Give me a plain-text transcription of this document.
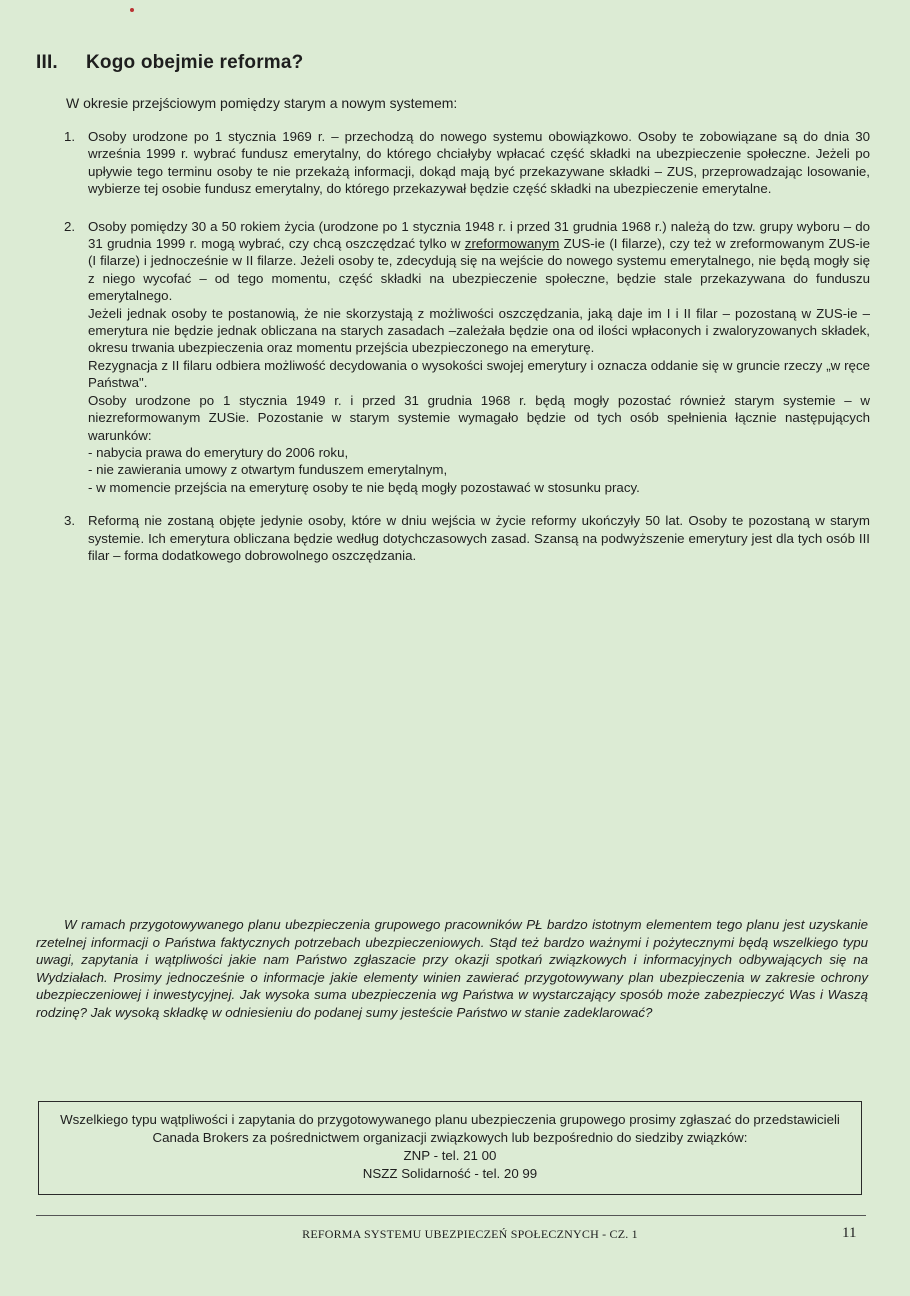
III. Kogo obejmie reforma?
W okresie przejściowym pomiędzy starym a nowym systemem:
1. Osoby urodzone po 1 stycznia 1969 r. – przechodzą do nowego systemu obowiązkowo. Osoby te zobowiązane są do dnia 30 września 1999 r. wybrać fundusz emerytalny, do którego chciałyby wpłacać część składki na ubezpieczenie społeczne. Jeżeli po upływie tego terminu osoby te nie przekażą informacji, dokąd mają być przekazywane składki – ZUS, przeprowadzając losowanie, wybierze tej osobie fundusz emerytalny, do którego przekazywał będzie część składki na ubezpieczenie emerytalne.

2. Osoby pomiędzy 30 a 50 rokiem życia (urodzone po 1 stycznia 1948 r. i przed 31 grudnia 1968 r.) należą do tzw. grupy wyboru – do 31 grudnia 1999 r. mogą wybrać, czy chcą oszczędzać tylko w zreformowanym ZUS-ie (I filarze), czy też w zreformowanym ZUS-ie (I filarze) i jednocześnie w II filarze. Jeżeli osoby te, zdecydują się na wejście do nowego systemu emerytalnego, nie będą mogły się z niego wycofać – od tego momentu, część składki na ubezpieczenie społeczne, będzie stale przekazywana do funduszu emerytalnego.

Jeżeli jednak osoby te postanowią, że nie skorzystają z możliwości oszczędzania, jaką daje im I i II filar – pozostaną w ZUS-ie – emerytura nie będzie jednak obliczana na starych zasadach –zależała będzie ona od ilości wpłaconych i zwaloryzowanych składek, okresu trwania ubezpieczenia oraz momentu przejścia ubezpieczonego na emeryturę.

Rezygnacja z II filaru odbiera możliwość decydowania o wysokości swojej emerytury i oznacza oddanie się w gruncie rzeczy „w ręce Państwa".

Osoby urodzone po 1 stycznia 1949 r. i przed 31 grudnia 1968 r. będą mogły pozostać również starym systemie – w niezreformowanym ZUSie. Pozostanie w starym systemie wymagało będzie od tych osób spełnienia łącznie następujących warunków:

- nabycia prawa do emerytury do 2006 roku,

- nie zawierania umowy z otwartym funduszem emerytalnym,

- w momencie przejścia na emeryturę osoby te nie będą mogły pozostawać w stosunku pracy.

3. Reformą nie zostaną objęte jedynie osoby, które w dniu wejścia w życie reformy ukończyły 50 lat. Osoby te pozostaną w starym systemie. Ich emerytura obliczana będzie według dotychczasowych zasad. Szansą na podwyższenie emerytury jest dla tych osób III filar – forma dodatkowego dobrowolnego oszczędzania.

W ramach przygotowywanego planu ubezpieczenia grupowego pracowników PŁ bardzo istotnym elementem tego planu jest uzyskanie rzetelnej informacji o Państwa faktycznych potrzebach ubezpieczeniowych. Stąd też bardzo ważnymi i pożytecznymi będą wszelkiego typu uwagi, zapytania i wątpliwości jakie nam Państwo zgłaszacie przy okazji spotkań związkowych i informacyjnych odbywających się na Wydziałach. Prosimy jednocześnie o informacje jakie elementy winien zawierać przygotowywany plan ubezpieczenia w zakresie ochrony ubezpieczeniowej i inwestycyjnej. Jak wysoka suma ubezpieczenia wg Państwa w wystarczający sposób może zabezpieczyć Was i Waszą rodzinę? Jak wysoką składkę w odniesieniu do podanej sumy jesteście Państwo w stanie zadeklarować?

Wszelkiego typu wątpliwości i zapytania do przygotowywanego planu ubezpieczenia grupowego prosimy zgłaszać do przedstawicieli Canada Brokers za pośrednictwem organizacji związkowych lub bezpośrednio do siedziby związków:

ZNP - tel. 21 00

NSZZ Solidarność - tel. 20 99

REFORMA SYSTEMU UBEZPIECZEŃ SPOŁECZNYCH - CZ. 1	11
